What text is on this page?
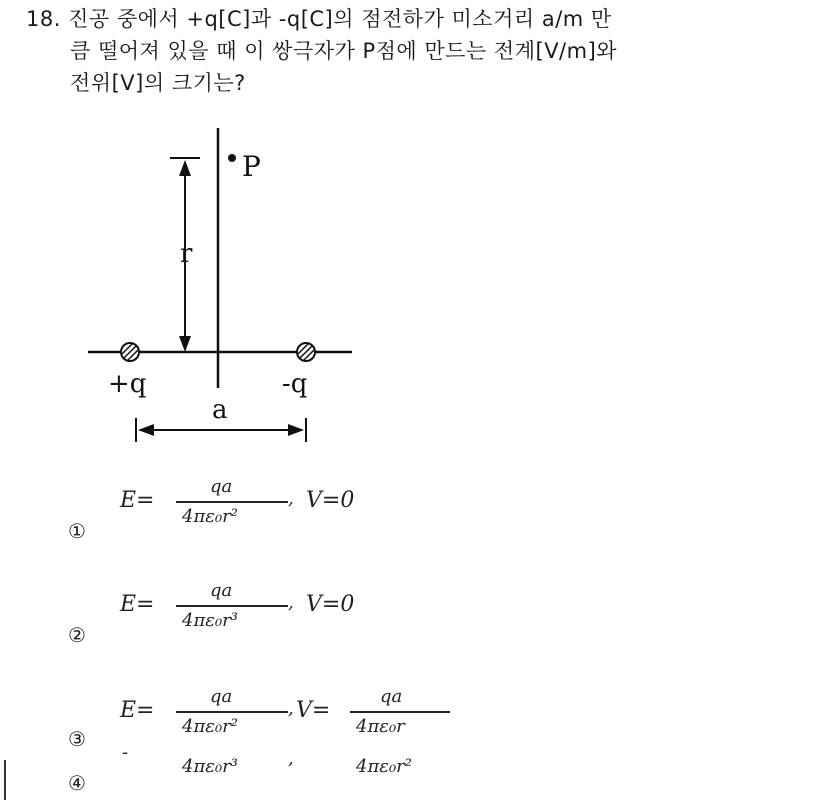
18. 진공 중에서 +q[C]과 -q[C]의 점전하가 미소거리 a/m 만
큼 떨어져 있을 때 이 쌍극자가 P점에 만드는 전계[V/m]와
전위[V]의 크기는?
P
r
+q	-q
a
①
E=
qa
4πε₀r²
, V=0
②
E=
qa
4πε₀r³
, V=0
③
E=
qa
4πε₀r²
, V=
qa
4πε₀r
④
-
4πε₀r³	,	4πε₀r²
